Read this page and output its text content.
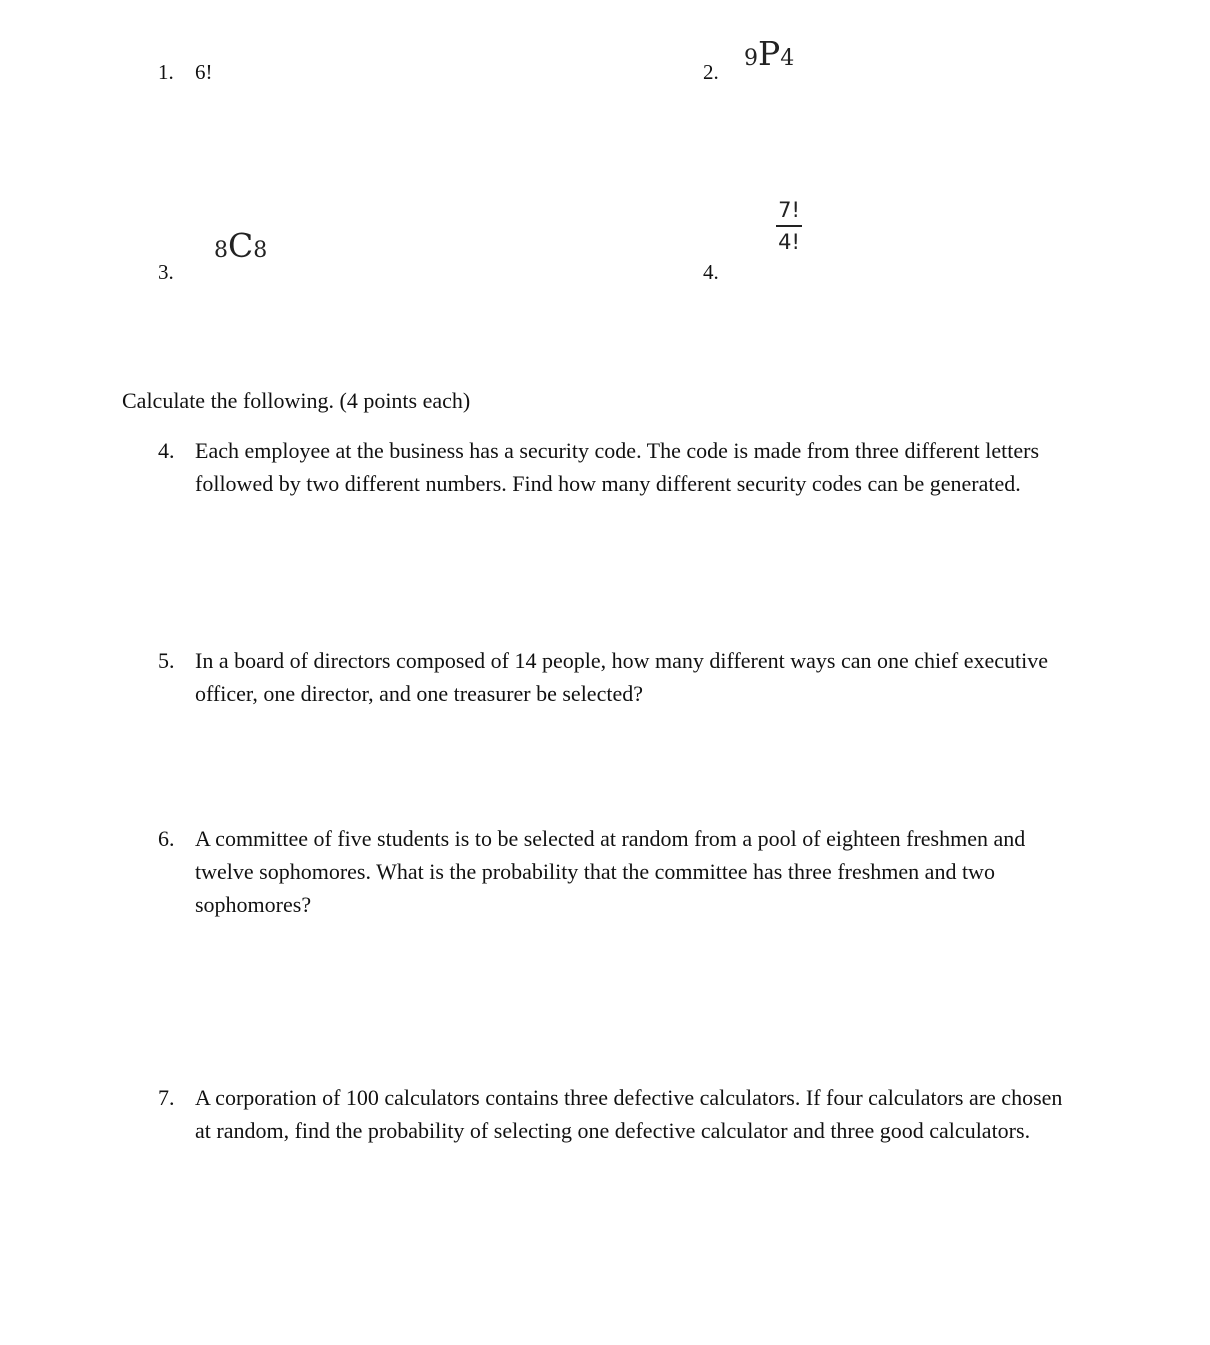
1. 6!	2.
9P4
3.
8C8
4.
7!
4!
Calculate the following. (4 points each)
4. Each employee at the business has a security code. The code is made from three different letters followed by two different numbers. Find how many different security codes can be generated.
5. In a board of directors composed of 14 people, how many different ways can one chief executive officer, one director, and one treasurer be selected?
6. A committee of five students is to be selected at random from a pool of eighteen freshmen and twelve sophomores. What is the probability that the committee has three freshmen and two sophomores?
7. A corporation of 100 calculators contains three defective calculators. If four calculators are chosen at random, find the probability of selecting one defective calculator and three good calculators.
